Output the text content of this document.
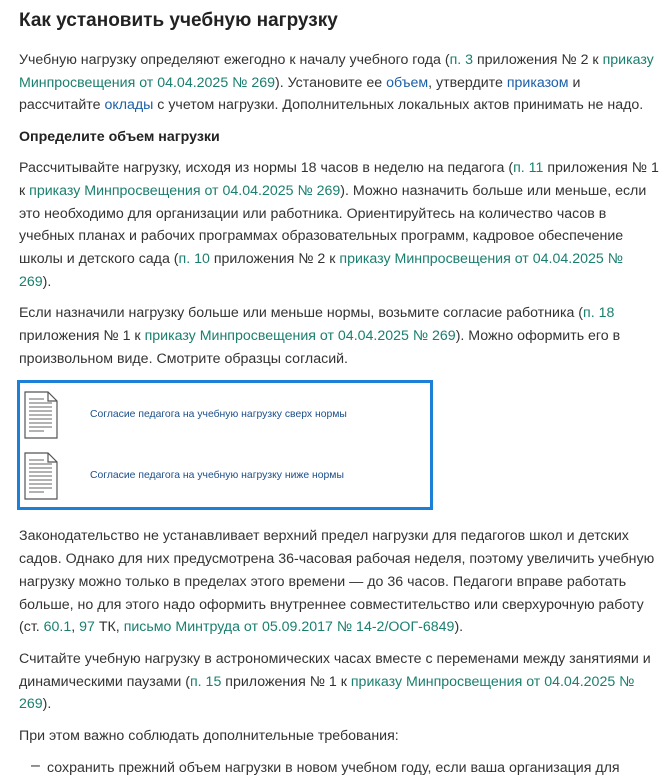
Как установить учебную нагрузку

Учебную нагрузку определяют ежегодно к началу учебного года (п. 3 приложения № 2 к приказу Минпросвещения от 04.04.2025 № 269). Установите ее объем, утвердите приказом и рассчитайте оклады с учетом нагрузки. Дополнительных локальных актов принимать не надо.

Определите объем нагрузки

Рассчитывайте нагрузку, исходя из нормы 18 часов в неделю на педагога (п. 11 приложения № 1 к приказу Минпросвещения от 04.04.2025 № 269). Можно назначить больше или меньше, если это необходимо для организации или работника. Ориентируйтесь на количество часов в учебных планах и рабочих программах образовательных программ, кадровое обеспечение школы и детского сада (п. 10 приложения № 2 к приказу Минпросвещения от 04.04.2025 № 269).

Если назначили нагрузку больше или меньше нормы, возьмите согласие работника (п. 18 приложения № 1 к приказу Минпросвещения от 04.04.2025 № 269). Можно оформить его в произвольном виде. Смотрите образцы согласий.

Согласие педагога на учебную нагрузку сверх нормы
Согласие педагога на учебную нагрузку ниже нормы

Законодательство не устанавливает верхний предел нагрузки для педагогов школ и детских садов. Однако для них предусмотрена 36-часовая рабочая неделя, поэтому увеличить учебную нагрузку можно только в пределах этого времени — до 36 часов. Педагоги вправе работать больше, но для этого надо оформить внутреннее совместительство или сверхурочную работу (ст. 60.1, 97 ТК, письмо Минтруда от 05.09.2017 № 14-2/ООГ-6849).

Считайте учебную нагрузку в астрономических часах вместе с переменами между занятиями и динамическими паузами (п. 15 приложения № 1 к приказу Минпросвещения от 04.04.2025 № 269).

При этом важно соблюдать дополнительные требования:

– сохранить прежний объем нагрузки в новом учебном году, если ваша организация для
